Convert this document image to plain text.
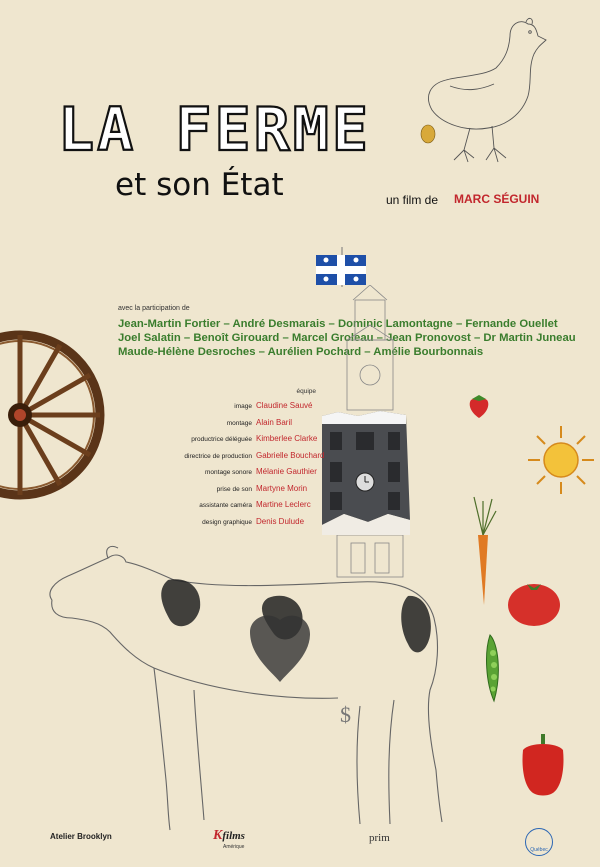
LA FERME
et son État	un film de MARC SÉGUIN
avec la participation de
Jean-Martin Fortier – André Desmarais – Dominic Lamontagne – Fernande Ouellet
Joel Salatin – Benoît Girouard – Marcel Groleau – Jean Pronovost – Dr Martin Juneau
Maude-Hélène Desroches – Aurélien Pochard – Amélie Bourbonnais
équipe
image Claudine Sauvé
montage Alain Baril
productrice déléguée Kimberlee Clarke
directrice de production Gabrielle Bouchard
montage sonore Mélanie Gauthier
prise de son Martyne Morin
assistante caméra Martine Leclerc
design graphique Denis Dulude
$
Atelier Brooklyn	Kfilms
Amérique
prim
$_{Québec}$
